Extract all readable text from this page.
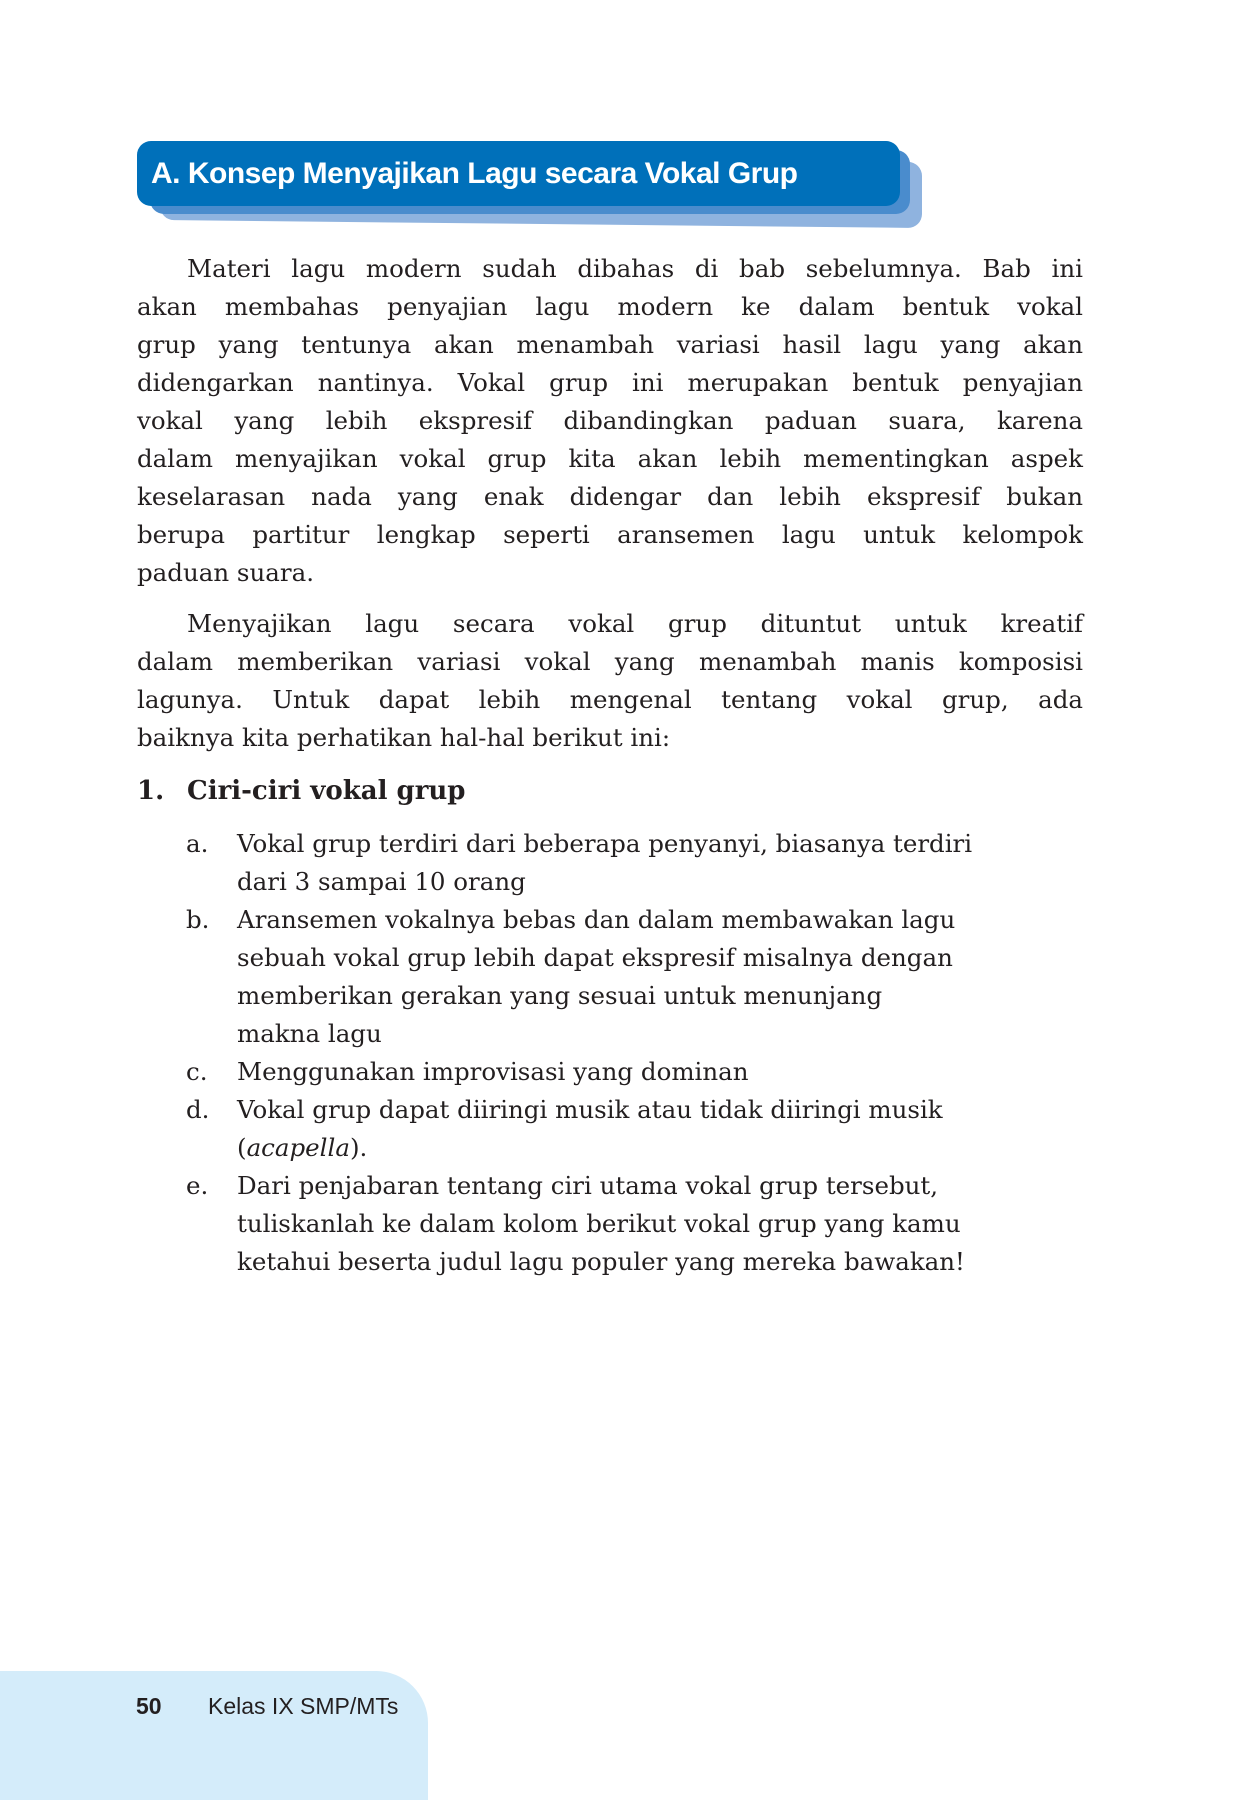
A. Konsep Menyajikan Lagu secara Vokal Grup
Materi lagu modern sudah dibahas di bab sebelumnya. Bab ini
akan membahas penyajian lagu modern ke dalam bentuk vokal
grup yang tentunya akan menambah variasi hasil lagu yang akan
didengarkan nantinya. Vokal grup ini merupakan bentuk penyajian
vokal yang lebih ekspresif dibandingkan paduan suara, karena
dalam menyajikan vokal grup kita akan lebih mementingkan aspek
keselarasan nada yang enak didengar dan lebih ekspresif bukan
berupa partitur lengkap seperti aransemen lagu untuk kelompok
paduan suara.
Menyajikan lagu secara vokal grup dituntut untuk kreatif
dalam memberikan variasi vokal yang menambah manis komposisi
lagunya. Untuk dapat lebih mengenal tentang vokal grup, ada
baiknya kita perhatikan hal-hal berikut ini:
1. Ciri-ciri vokal grup
a. Vokal grup terdiri dari beberapa penyanyi, biasanya terdiri
dari 3 sampai 10 orang
b. Aransemen vokalnya bebas dan dalam membawakan lagu
sebuah vokal grup lebih dapat ekspresif misalnya dengan
memberikan gerakan yang sesuai untuk menunjang
makna lagu
c. Menggunakan improvisasi yang dominan
d. Vokal grup dapat diiringi musik atau tidak diiringi musik
(acapella).
e. Dari penjabaran tentang ciri utama vokal grup tersebut,
tuliskanlah ke dalam kolom berikut vokal grup yang kamu
ketahui beserta judul lagu populer yang mereka bawakan!
50 Kelas IX SMP/MTs
